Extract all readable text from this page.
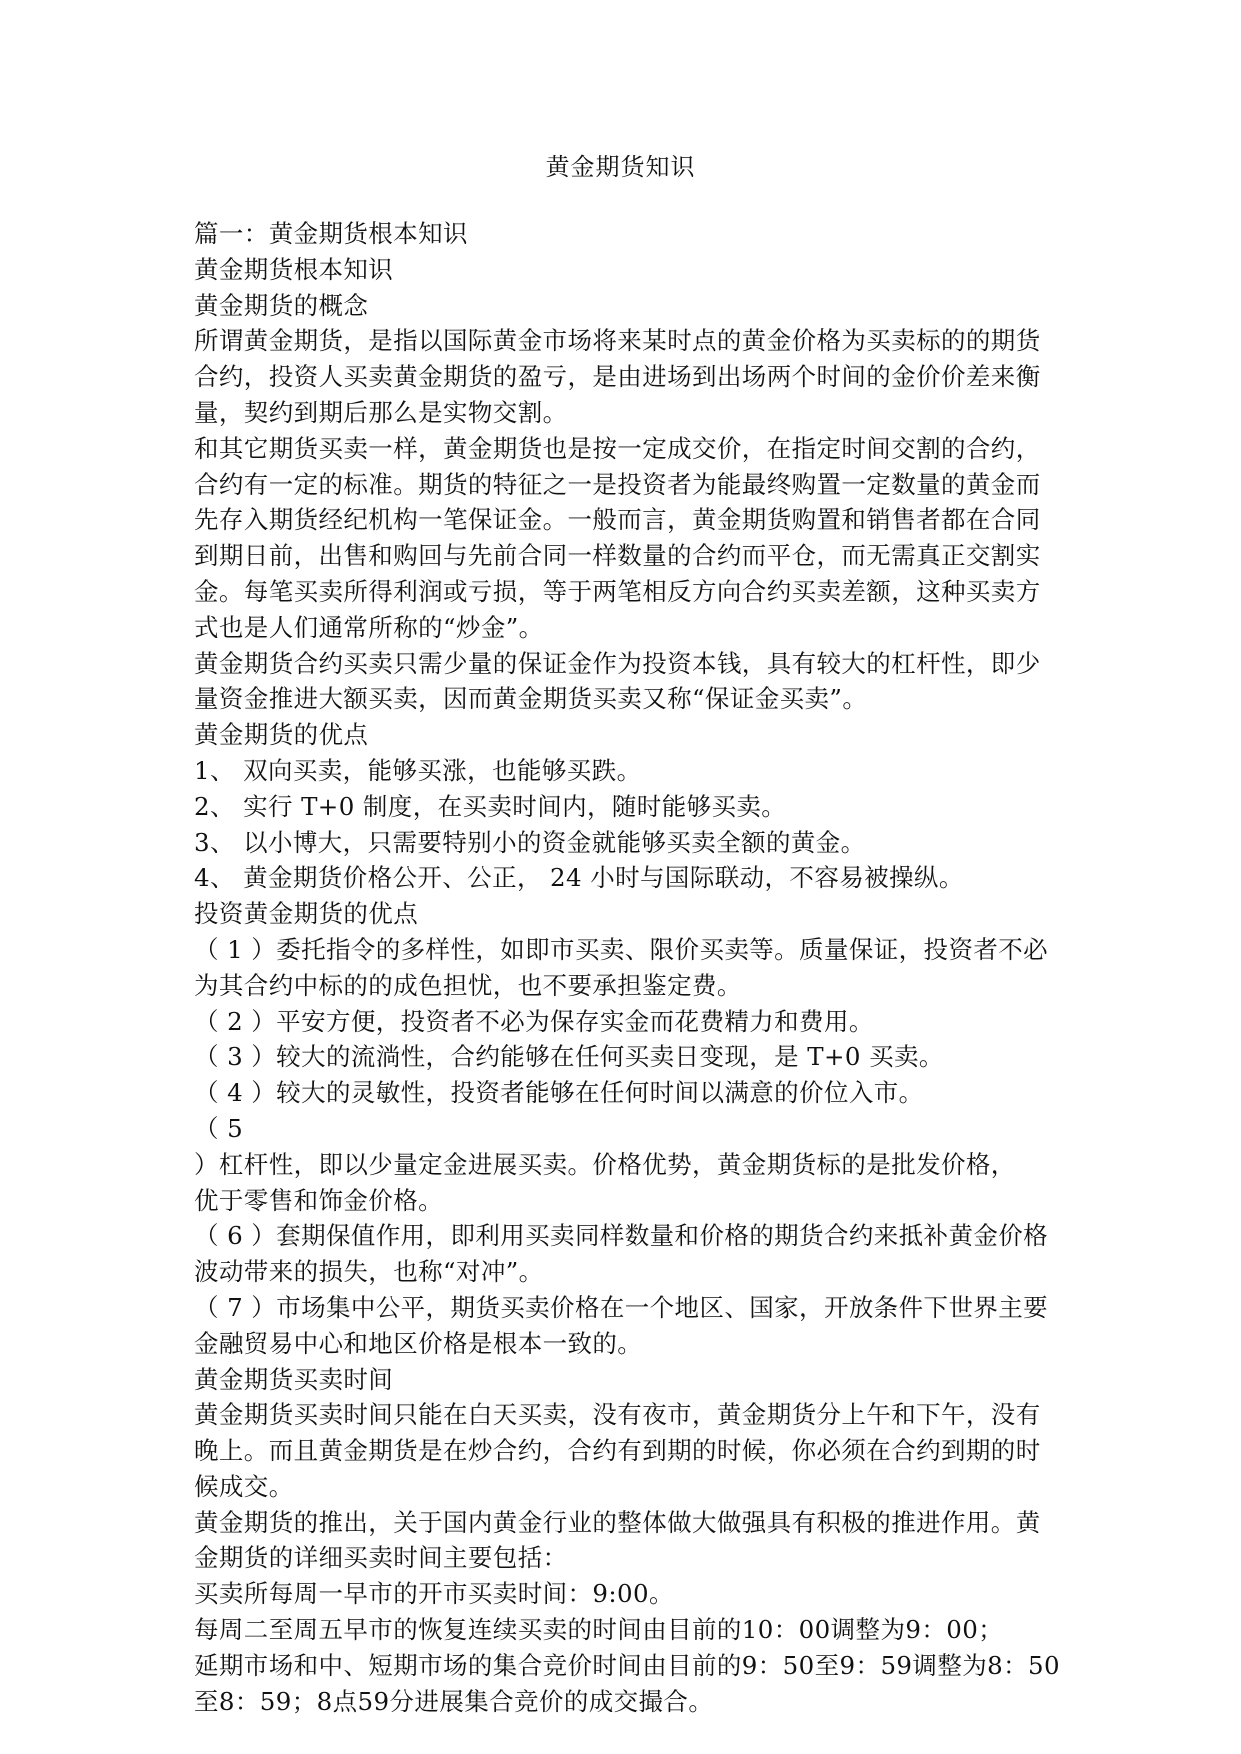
黄金期货知识
篇一：黄金期货根本知识
黄金期货根本知识
黄金期货的概念
所谓黄金期货，是指以国际黄金市场将来某时点的黄金价格为买卖标的的期货
合约，投资人买卖黄金期货的盈亏，是由进场到出场两个时间的金价价差来衡
量，契约到期后那么是实物交割。
和其它期货买卖一样，黄金期货也是按一定成交价，在指定时间交割的合约，
合约有一定的标准。期货的特征之一是投资者为能最终购置一定数量的黄金而
先存入期货经纪机构一笔保证金。一般而言，黄金期货购置和销售者都在合同
到期日前，出售和购回与先前合同一样数量的合约而平仓，而无需真正交割实
金。每笔买卖所得利润或亏损，等于两笔相反方向合约买卖差额，这种买卖方
式也是人们通常所称的“炒金”。
黄金期货合约买卖只需少量的保证金作为投资本钱，具有较大的杠杆性，即少
量资金推进大额买卖，因而黄金期货买卖又称“保证金买卖”。
黄金期货的优点
1、 双向买卖，能够买涨，也能够买跌。
2、 实行 T+0 制度，在买卖时间内，随时能够买卖。
3、 以小博大，只需要特别小的资金就能够买卖全额的黄金。
4、 黄金期货价格公开、公正， 24 小时与国际联动，不容易被操纵。
投资黄金期货的优点
（ 1 ）委托指令的多样性，如即市买卖、限价买卖等。质量保证，投资者不必
为其合约中标的的成色担忧，也不要承担鉴定费。
（ 2 ）平安方便，投资者不必为保存实金而花费精力和费用。
（ 3 ）较大的流淌性，合约能够在任何买卖日变现，是 T+0 买卖。
（ 4 ）较大的灵敏性，投资者能够在任何时间以满意的价位入市。
（ 5
）杠杆性，即以少量定金进展买卖。价格优势，黄金期货标的是批发价格，
优于零售和饰金价格。
（ 6 ）套期保值作用，即利用买卖同样数量和价格的期货合约来抵补黄金价格
波动带来的损失，也称“对冲”。
（ 7 ）市场集中公平，期货买卖价格在一个地区、国家，开放条件下世界主要
金融贸易中心和地区价格是根本一致的。
黄金期货买卖时间
黄金期货买卖时间只能在白天买卖，没有夜市，黄金期货分上午和下午，没有
晚上。而且黄金期货是在炒合约，合约有到期的时候，你必须在合约到期的时
候成交。
黄金期货的推出，关于国内黄金行业的整体做大做强具有积极的推进作用。黄
金期货的详细买卖时间主要包括：
买卖所每周一早市的开市买卖时间：9:00。
每周二至周五早市的恢复连续买卖的时间由目前的10：00调整为9：00；
延期市场和中、短期市场的集合竞价时间由目前的9：50至9：59调整为8：50
至8：59；8点59分进展集合竞价的成交撮合。
